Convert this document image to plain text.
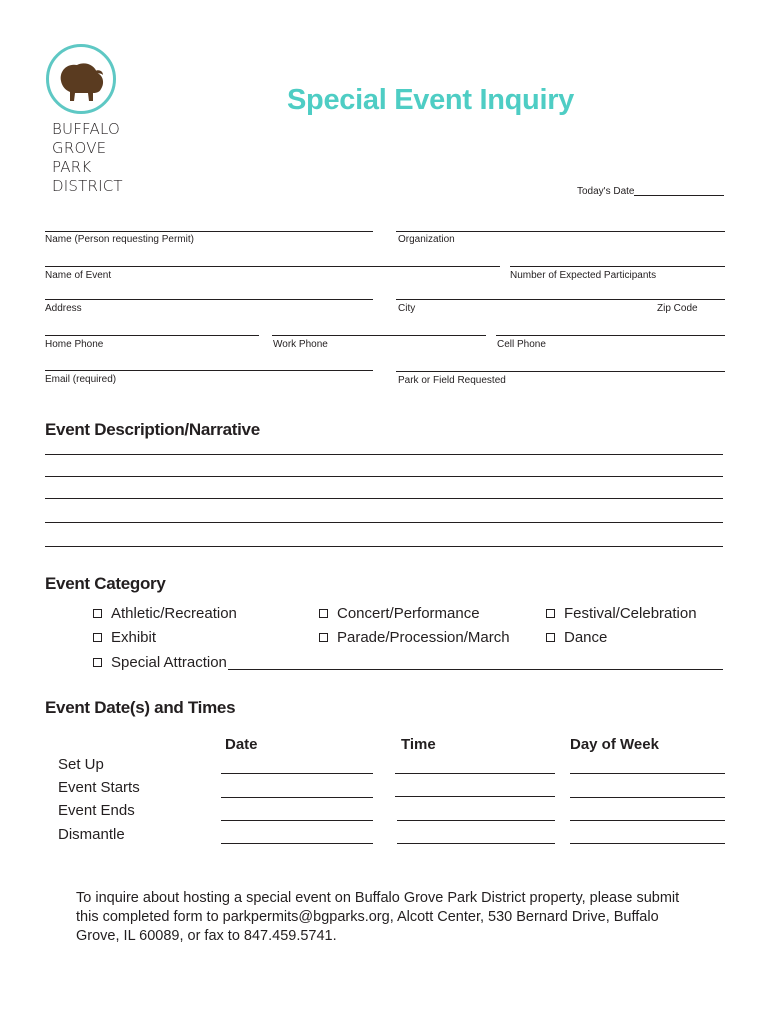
BUFFALO
GROVE
PARK
DISTRICT
Special Event Inquiry
Today's Date
Name (Person requesting Permit)	Organization
Name of Event	Number of Expected Participants
Address	City	Zip Code
Home Phone	Work Phone	Cell Phone
Email (required)	Park or Field Requested
Event Description/Narrative
Event Category
Athletic/Recreation	Concert/Performance	Festival/Celebration
Exhibit	Parade/Procession/March	Dance
Special Attraction
Event Date(s) and Times
Date	Time	Day of Week
Set Up
Event Starts
Event Ends
Dismantle
To inquire about hosting a special event on Buffalo Grove Park District property, please submit this completed form to parkpermits@bgparks.org, Alcott Center, 530 Bernard Drive, Buffalo Grove, IL 60089, or fax to 847.459.5741.
